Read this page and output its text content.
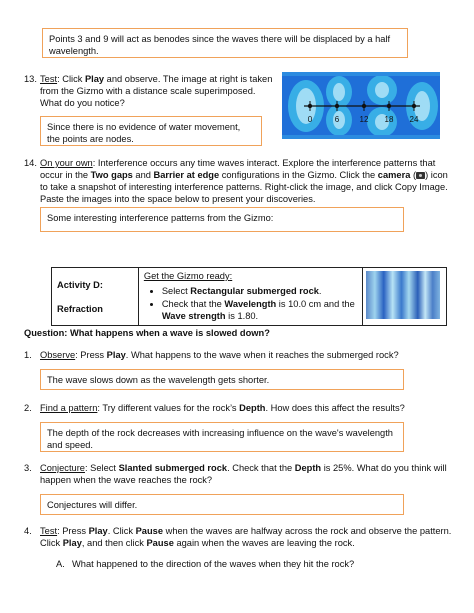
Points 3 and 9 will act as benodes since the waves there will be displaced by a half wavelength.
13. Test: Click Play and observe. The image at right is taken from the Gizmo with a distance scale superimposed. What do you notice?
0	6	12 18 24
Since there is no evidence of water movement, the points are nodes.
14. On your own: Interference occurs any time waves interact. Explore the interference patterns that occur in the Two gaps and Barrier at edge configurations in the Gizmo. Click the camera ( ) icon to take a snapshot of interesting interference patterns. Right-click the image, and click Copy Image. Paste the images into the space below to present your discoveries.
Some interesting interference patterns from the Gizmo:
Activity D:
Refraction

Get the Gizmo ready:
• Select Rectangular submerged rock.
• Check that the Wavelength is 10.0 cm and the Wave strength is 1.80.

Question: What happens when a wave is slowed down?
1. Observe: Press Play. What happens to the wave when it reaches the submerged rock?
The wave slows down as the wavelength gets shorter.
2. Find a pattern: Try different values for the rock’s Depth. How does this affect the results?
The depth of the rock decreases with increasing influence on the wave's wavelength and speed.
3. Conjecture: Select Slanted submerged rock. Check that the Depth is 25%. What do you think will happen when the wave reaches the rock?
Conjectures will differ.
4. Test: Press Play. Click Pause when the waves are halfway across the rock and observe the pattern. Click Play, and then click Pause again when the waves are leaving the rock.
A. What happened to the direction of the waves when they hit the rock?
